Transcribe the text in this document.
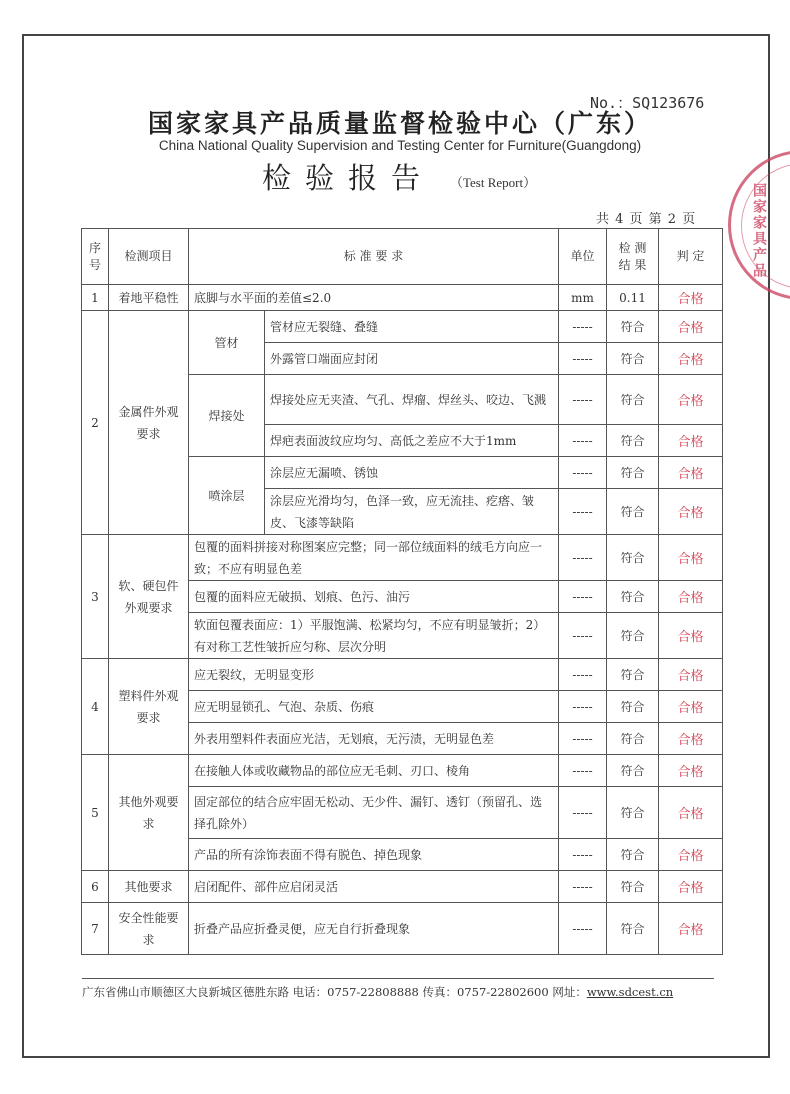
国家家具产品
No.：SQ123676
国家家具产品质量监督检验中心（广东）
China National Quality Supervision and Testing Center for Furniture(Guangdong)
检验报告 （Test Report）
共 4 页 第 2 页
序号	检测项目	标 准 要 求		单位	检 测 结 果	判 定
1	着地平稳性	底脚与水平面的差值≤2.0		mm	0.11	合格
2	金属件外观要求	管材	管材应无裂缝、叠缝	-----	符合	合格
			外露管口端面应封闭	-----	符合	合格
		焊接处	焊接处应无夹渣、气孔、焊瘤、焊丝头、咬边、飞溅	-----	符合	合格
			焊疤表面波纹应均匀、高低之差应不大于1mm	-----	符合	合格
		喷涂层	涂层应无漏喷、锈蚀	-----	符合	合格
			涂层应光滑均匀，色泽一致，应无流挂、疙瘩、皱皮、飞漆等缺陷	-----	符合	合格
3	软、硬包件外观要求	包覆的面料拼接对称图案应完整；同一部位绒面料的绒毛方向应一致；不应有明显色差		-----	符合	合格
		包覆的面料应无破损、划痕、色污、油污		-----	符合	合格
		软面包覆表面应：1）平服饱满、松紧均匀，不应有明显皱折；2）有对称工艺性皱折应匀称、层次分明		-----	符合	合格
4	塑料件外观要求	应无裂纹，无明显变形		-----	符合	合格
		应无明显锁孔、气泡、杂质、伤痕		-----	符合	合格
		外表用塑料件表面应光洁，无划痕，无污渍，无明显色差		-----	符合	合格
5	其他外观要求	在接触人体或收藏物品的部位应无毛刺、刃口、棱角		-----	符合	合格
		固定部位的结合应牢固无松动、无少件、漏钉、透钉（预留孔、选择孔除外）		-----	符合	合格
		产品的所有涂饰表面不得有脱色、掉色现象		-----	符合	合格
6	其他要求	启闭配件、部件应启闭灵活		-----	符合	合格
7	安全性能要求	折叠产品应折叠灵便，应无自行折叠现象		-----	符合	合格
广东省佛山市顺德区大良新城区德胜东路 电话：0757-22808888 传真：0757-22802600 网址：www.sdcest.cn
